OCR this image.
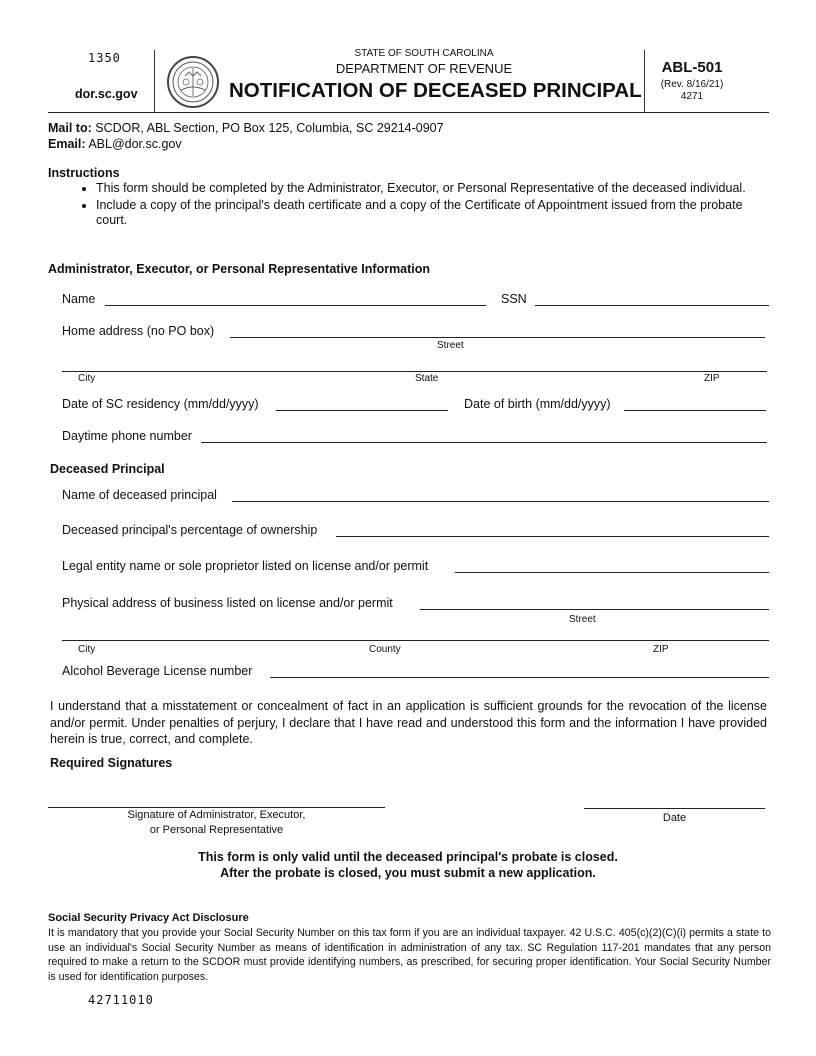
1350
dor.sc.gov
STATE OF SOUTH CAROLINA
DEPARTMENT OF REVENUE
NOTIFICATION OF DECEASED PRINCIPAL
ABL-501
(Rev. 8/16/21)
4271
Mail to: SCDOR, ABL Section, PO Box 125, Columbia, SC 29214-0907
Email: ABL@dor.sc.gov
Instructions
• This form should be completed by the Administrator, Executor, or Personal Representative of the deceased individual.
• Include a copy of the principal's death certificate and a copy of the Certificate of Appointment issued from the probate court.
Administrator, Executor, or Personal Representative Information
Name	SSN
Home address (no PO box)
Street
City	State	ZIP
Date of SC residency (mm/dd/yyyy)	Date of birth (mm/dd/yyyy)
Daytime phone number
Deceased Principal
Name of deceased principal
Deceased principal's percentage of ownership
Legal entity name or sole proprietor listed on license and/or permit
Physical address of business listed on license and/or permit
Street
City	County	ZIP
Alcohol Beverage License number

I understand that a misstatement or concealment of fact in an application is sufficient grounds for the revocation of the license and/or permit. Under penalties of perjury, I declare that I have read and understood this form and the information I have provided herein is true, correct, and complete.

Required Signatures
Signature of Administrator, Executor,
or Personal Representative
Date
This form is only valid until the deceased principal's probate is closed.
After the probate is closed, you must submit a new application.
Social Security Privacy Act Disclosure

It is mandatory that you provide your Social Security Number on this tax form if you are an individual taxpayer. 42 U.S.C. 405(c)(2)(C)(i) permits a state to use an individual's Social Security Number as means of identification in administration of any tax. SC Regulation 117-201 mandates that any person required to make a return to the SCDOR must provide identifying numbers, as prescribed, for securing proper identification. Your Social Security Number is used for identification purposes.

42711010
